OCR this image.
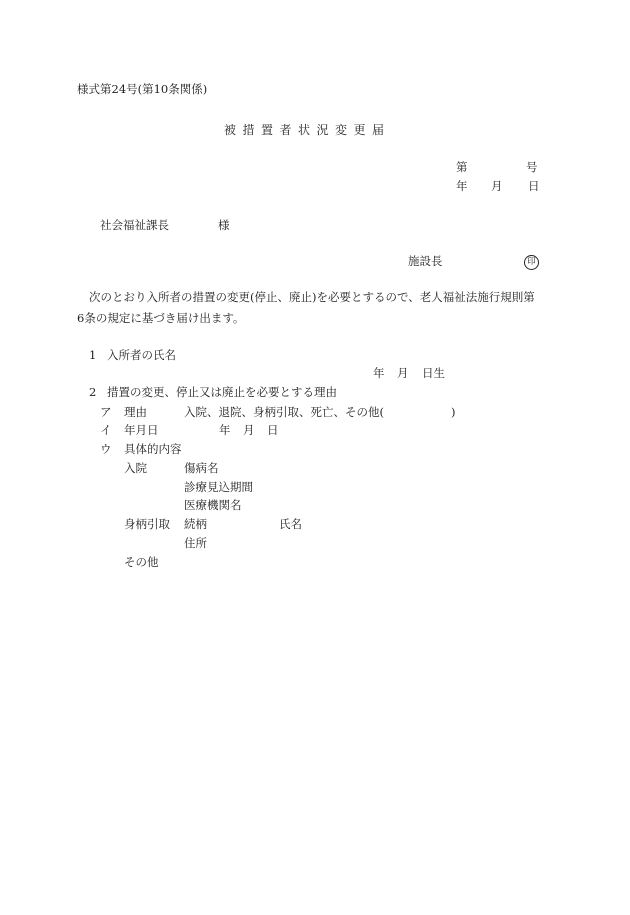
様式第24号(第10条関係)
被措置者状況変更届
第	号
年 月 日
社会福祉課長	様
施設長	印
次のとおり入所者の措置の変更(停止、廃止)を必要とするので、老人福祉法施行規則第
6条の規定に基づき届け出ます。
1 入所者の氏名
年 月 日生
2 措置の変更、停止又は廃止を必要とする理由
ア 理由	入院、退院、身柄引取、死亡、その他(	)
イ 年月日	年 月 日
ウ 具体的内容
入院	傷病名
診療見込期間
医療機関名
身柄引取 続柄	氏名
住所
その他
